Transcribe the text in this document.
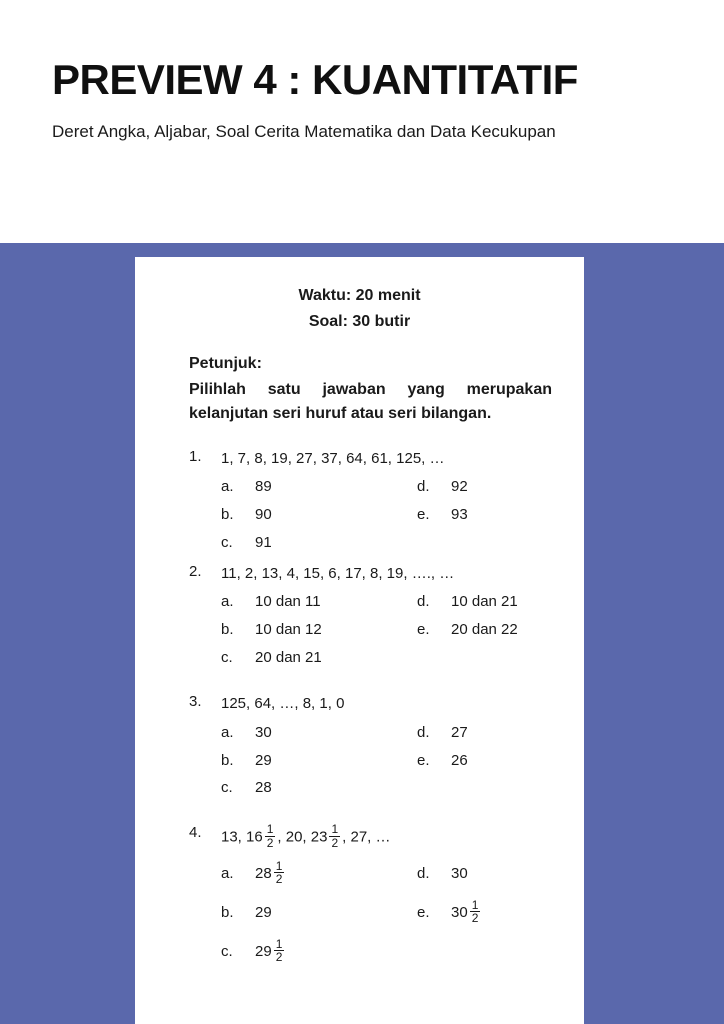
PREVIEW 4 : KUANTITATIF
Deret Angka, Aljabar, Soal Cerita Matematika dan Data Kecukupan
Waktu: 20 menit
Soal: 30 butir
Petunjuk:
Pilihlah satu jawaban yang merupakan kelanjutan seri huruf atau seri bilangan.
1.	1, 7, 8, 19, 27, 37, 64, 61, 125, …
a.	89	d.	92
b.	90	e.	93
c.	91
2.	11, 2, 13, 4, 15, 6, 17, 8, 19, …., …
a.	10 dan 11	d.	10 dan 21
b.	10 dan 12	e.	20 dan 22
c.	20 dan 21
3.	125, 64, …, 8, 1, 0
a.	30	d.	27
b.	29	e.	26
c.	28
4.	13, $16 \frac{1}{2}$ , 20, $23 \frac{1}{2}$ , 27, …
a.	$28 \frac{1}{2}$	d.	30
b.	29	e.	$30 \frac{1}{2}$
c.	$29 \frac{1}{2}$
